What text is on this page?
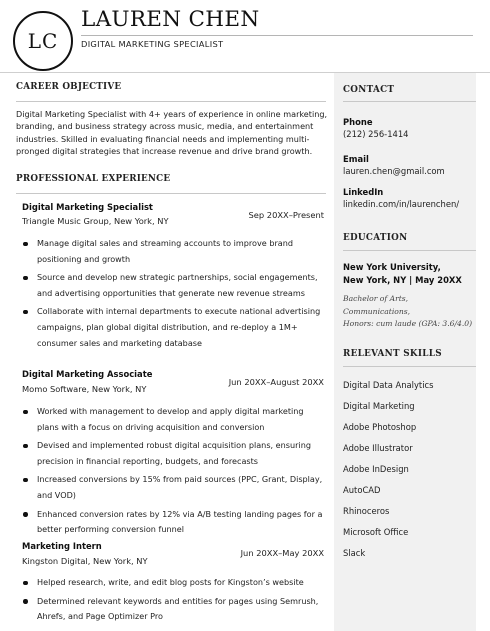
LC
LAUREN CHEN
DIGITAL MARKETING SPECIALIST
CONTACT
Phone
(212) 256-1414
Email
lauren.chen@gmail.com
LinkedIn
linkedin.com/in/laurenchen/
EDUCATION
New York University,
New York, NY | May 20XX
Bachelor of Arts,
Communications,
Honors: cum laude (GPA: 3.6/4.0)
RELEVANT SKILLS
Digital Data Analytics
Digital Marketing
Adobe Photoshop
Adobe Illustrator
Adobe InDesign
AutoCAD
Rhinoceros
Microsoft Office
Slack
CAREER OBJECTIVE
Digital Marketing Specialist with 4+ years of experience in online marketing, branding, and business strategy across music, media, and entertainment industries. Skilled in evaluating financial needs and implementing multi-pronged digital strategies that increase revenue and drive brand growth.
PROFESSIONAL EXPERIENCE
Digital Marketing Specialist
Sep 20XX–Present
Triangle Music Group, New York, NY
Manage digital sales and streaming accounts to improve brand positioning and growth
Source and develop new strategic partnerships, social engagements, and advertising opportunities that generate new revenue streams
Collaborate with internal departments to execute national advertising campaigns, plan global digital distribution, and re-deploy a 1M+ consumer sales and marketing database
Digital Marketing Associate
Jun 20XX–August 20XX
Momo Software, New York, NY
Worked with management to develop and apply digital marketing plans with a focus on driving acquisition and conversion
Devised and implemented robust digital acquisition plans, ensuring precision in financial reporting, budgets, and forecasts
Increased conversions by 15% from paid sources (PPC, Grant, Display, and VOD)
Enhanced conversion rates by 12% via A/B testing landing pages for a better performing conversion funnel
Marketing Intern
Jun 20XX–May 20XX
Kingston Digital, New York, NY
Helped research, write, and edit blog posts for Kingston’s website
Determined relevant keywords and entities for pages using Semrush, Ahrefs, and Page Optimizer Pro
